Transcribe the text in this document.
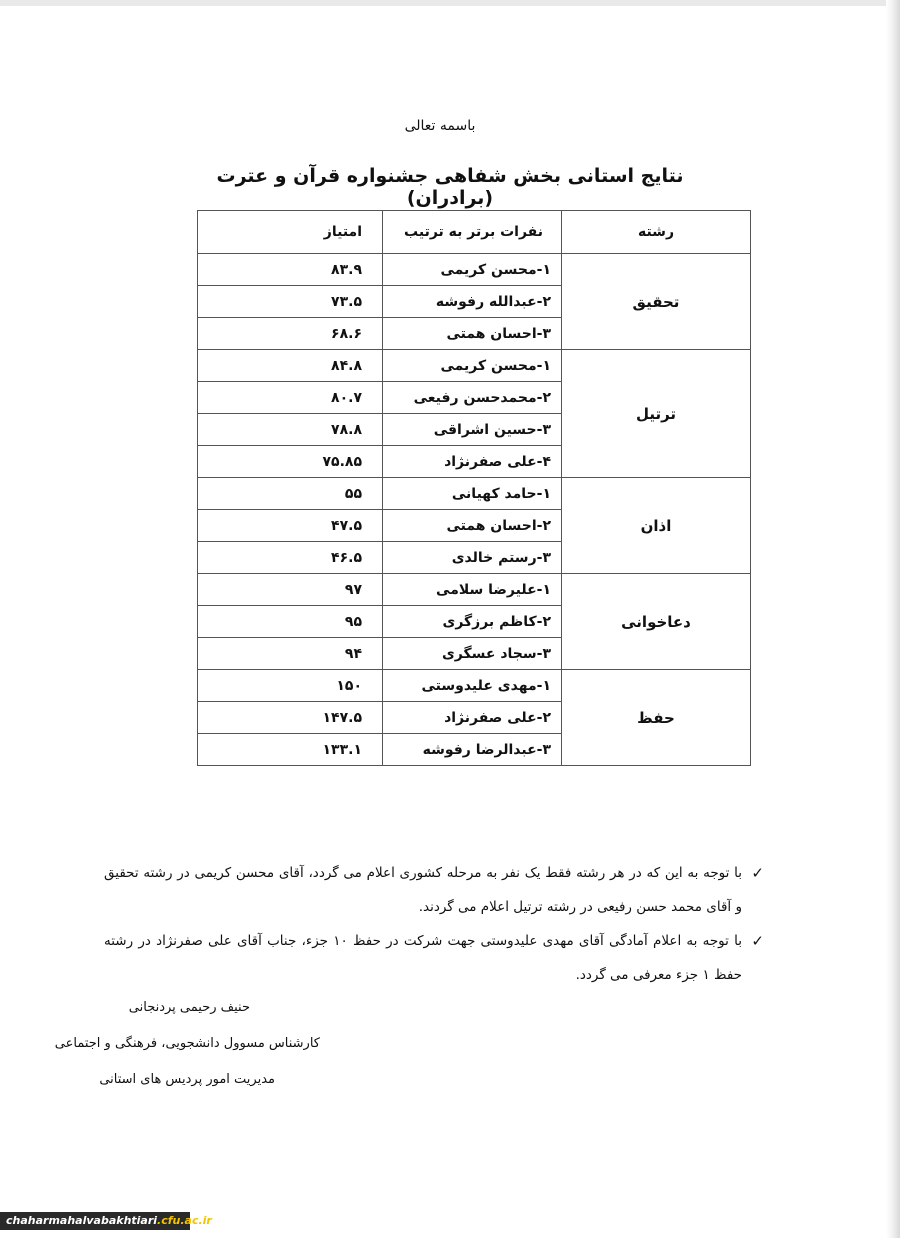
باسمه تعالی
نتایج استانی بخش شفاهی جشنواره قرآن و عترت (برادران)
رشته	نفرات برتر به ترتیب	امتیاز
تحقیق	۱-محسن کریمی	۸۳.۹
	۲-عبدالله رفوشه	۷۳.۵
	۳-احسان همتی	۶۸.۶
ترتیل	۱-محسن کریمی	۸۴.۸
	۲-محمدحسن رفیعی	۸۰.۷
	۳-حسین اشراقی	۷۸.۸
	۴-علی صفرنژاد	۷۵.۸۵
اذان	۱-حامد کهیانی	۵۵
	۲-احسان همتی	۴۷.۵
	۳-رستم خالدی	۴۶.۵
دعاخوانی	۱-علیرضا سلامی	۹۷
	۲-کاظم برزگری	۹۵
	۳-سجاد عسگری	۹۴
حفظ	۱-مهدی علیدوستی	۱۵۰
	۲-علی صفرنژاد	۱۴۷.۵
	۳-عبدالرضا رفوشه	۱۳۳.۱
✓
با توجه به این که در هر رشته فقط یک نفر به مرحله کشوری اعلام می گردد، آقای محسن کریمی در رشته تحقیق و آقای محمد حسن رفیعی در رشته ترتیل اعلام می گردند.
✓
با توجه به اعلام آمادگی آقای مهدی علیدوستی جهت شرکت در حفظ ۱۰ جزء، جناب آقای علی صفرنژاد در رشته حفظ ۱ جزء معرفی می گردد.
حنیف رحیمی پردنجانی
کارشناس مسوول دانشجویی، فرهنگی و اجتماعی
مدیریت امور پردیس های استانی
chaharmahalvabakhtiari.cfu.ac.ir
